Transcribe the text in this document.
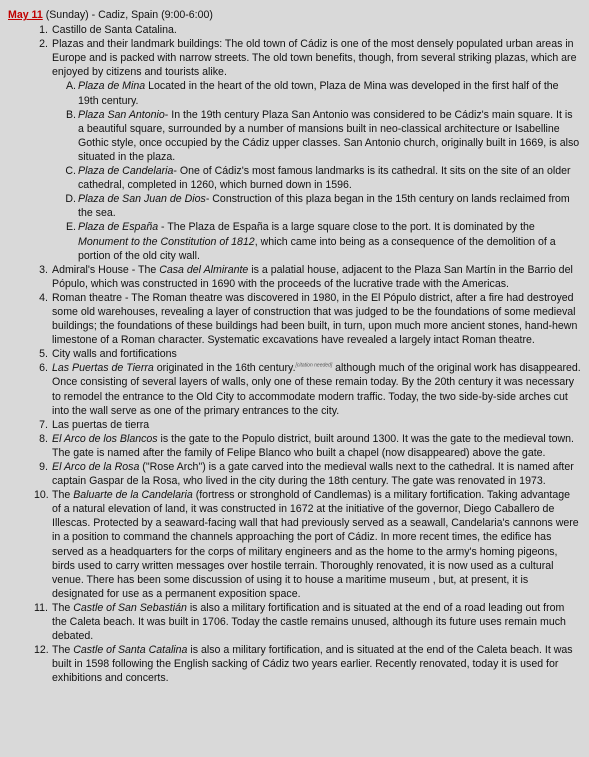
May 11 (Sunday) - Cadiz, Spain (9:00-6:00)
1. Castillo de Santa Catalina.
2. Plazas and their landmark buildings: The old town of Cádiz is one of the most densely populated urban areas in Europe and is packed with narrow streets. The old town benefits, though, from several striking plazas, which are enjoyed by citizens and tourists alike.
A. Plaza de Mina Located in the heart of the old town, Plaza de Mina was developed in the first half of the 19th century.
B. Plaza San Antonio- In the 19th century Plaza San Antonio was considered to be Cádiz's main square. It is a beautiful square, surrounded by a number of mansions built in neo-classical architecture or Isabelline Gothic style, once occupied by the Cádiz upper classes. San Antonio church, originally built in 1669, is also situated in the plaza.
C. Plaza de Candelaria- One of Cádiz's most famous landmarks is its cathedral. It sits on the site of an older cathedral, completed in 1260, which burned down in 1596.
D. Plaza de San Juan de Dios- Construction of this plaza began in the 15th century on lands reclaimed from the sea.
E. Plaza de España - The Plaza de España is a large square close to the port. It is dominated by the Monument to the Constitution of 1812, which came into being as a consequence of the demolition of a portion of the old city wall.
3. Admiral's House - The Casa del Almirante is a palatial house, adjacent to the Plaza San Martín in the Barrio del Pópulo, which was constructed in 1690 with the proceeds of the lucrative trade with the Americas.
4. Roman theatre - The Roman theatre was discovered in 1980, in the El Pópulo district, after a fire had destroyed some old warehouses, revealing a layer of construction that was judged to be the foundations of some medieval buildings; the foundations of these buildings had been built, in turn, upon much more ancient stones, hand-hewn limestone of a Roman character. Systematic excavations have revealed a largely intact Roman theatre.
5. City walls and fortifications
6. Las Puertas de Tierra originated in the 16th century.[citation needed] although much of the original work has disappeared. Once consisting of several layers of walls, only one of these remain today. By the 20th century it was necessary to remodel the entrance to the Old City to accommodate modern traffic. Today, the two side-by-side arches cut into the wall serve as one of the primary entrances to the city.
7. Las puertas de tierra
8. El Arco de los Blancos is the gate to the Populo district, built around 1300. It was the gate to the medieval town. The gate is named after the family of Felipe Blanco who built a chapel (now disappeared) above the gate.
9. El Arco de la Rosa ("Rose Arch") is a gate carved into the medieval walls next to the cathedral. It is named after captain Gaspar de la Rosa, who lived in the city during the 18th century. The gate was renovated in 1973.
10. The Baluarte de la Candelaria (fortress or stronghold of Candlemas) is a military fortification. Taking advantage of a natural elevation of land, it was constructed in 1672 at the initiative of the governor, Diego Caballero de Illescas. Protected by a seaward-facing wall that had previously served as a seawall, Candelaria's cannons were in a position to command the channels approaching the port of Cádiz. In more recent times, the edifice has served as a headquarters for the corps of military engineers and as the home to the army's homing pigeons, birds used to carry written messages over hostile terrain. Thoroughly renovated, it is now used as a cultural venue. There has been some discussion of using it to house a maritime museum , but, at present, it is designated for use as a permanent exposition space.
11. The Castle of San Sebastián is also a military fortification and is situated at the end of a road leading out from the Caleta beach. It was built in 1706. Today the castle remains unused, although its future uses remain much debated.
12. The Castle of Santa Catalina is also a military fortification, and is situated at the end of the Caleta beach. It was built in 1598 following the English sacking of Cádiz two years earlier. Recently renovated, today it is used for exhibitions and concerts.
